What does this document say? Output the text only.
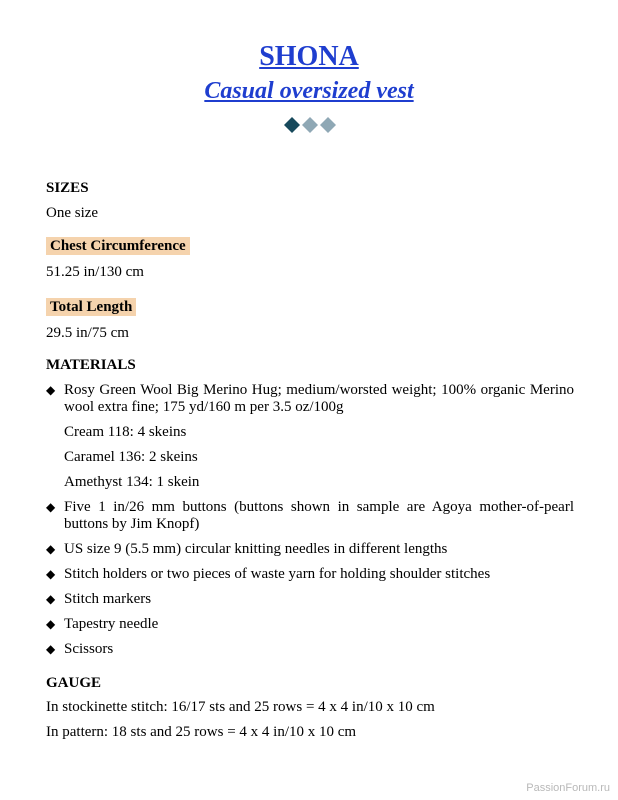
SHONA
Casual oversized vest

SIZES

One size

Chest Circumference

51.25 in/130 cm

Total Length

29.5 in/75 cm

MATERIALS

◆ Rosy Green Wool Big Merino Hug; medium/worsted weight; 100% organic Merino wool extra fine; 175 yd/160 m per 3.5 oz/100g
Cream 118: 4 skeins
Caramel 136: 2 skeins
Amethyst 134: 1 skein
◆ Five 1 in/26 mm buttons (buttons shown in sample are Agoya mother-of-pearl buttons by Jim Knopf)
◆ US size 9 (5.5 mm) circular knitting needles in different lengths
◆ Stitch holders or two pieces of waste yarn for holding shoulder stitches
◆ Stitch markers
◆ Tapestry needle
◆ Scissors

GAUGE

In stockinette stitch: 16/17 sts and 25 rows = 4 x 4 in/10 x 10 cm

In pattern: 18 sts and 25 rows = 4 x 4 in/10 x 10 cm

PassionForum.ru
